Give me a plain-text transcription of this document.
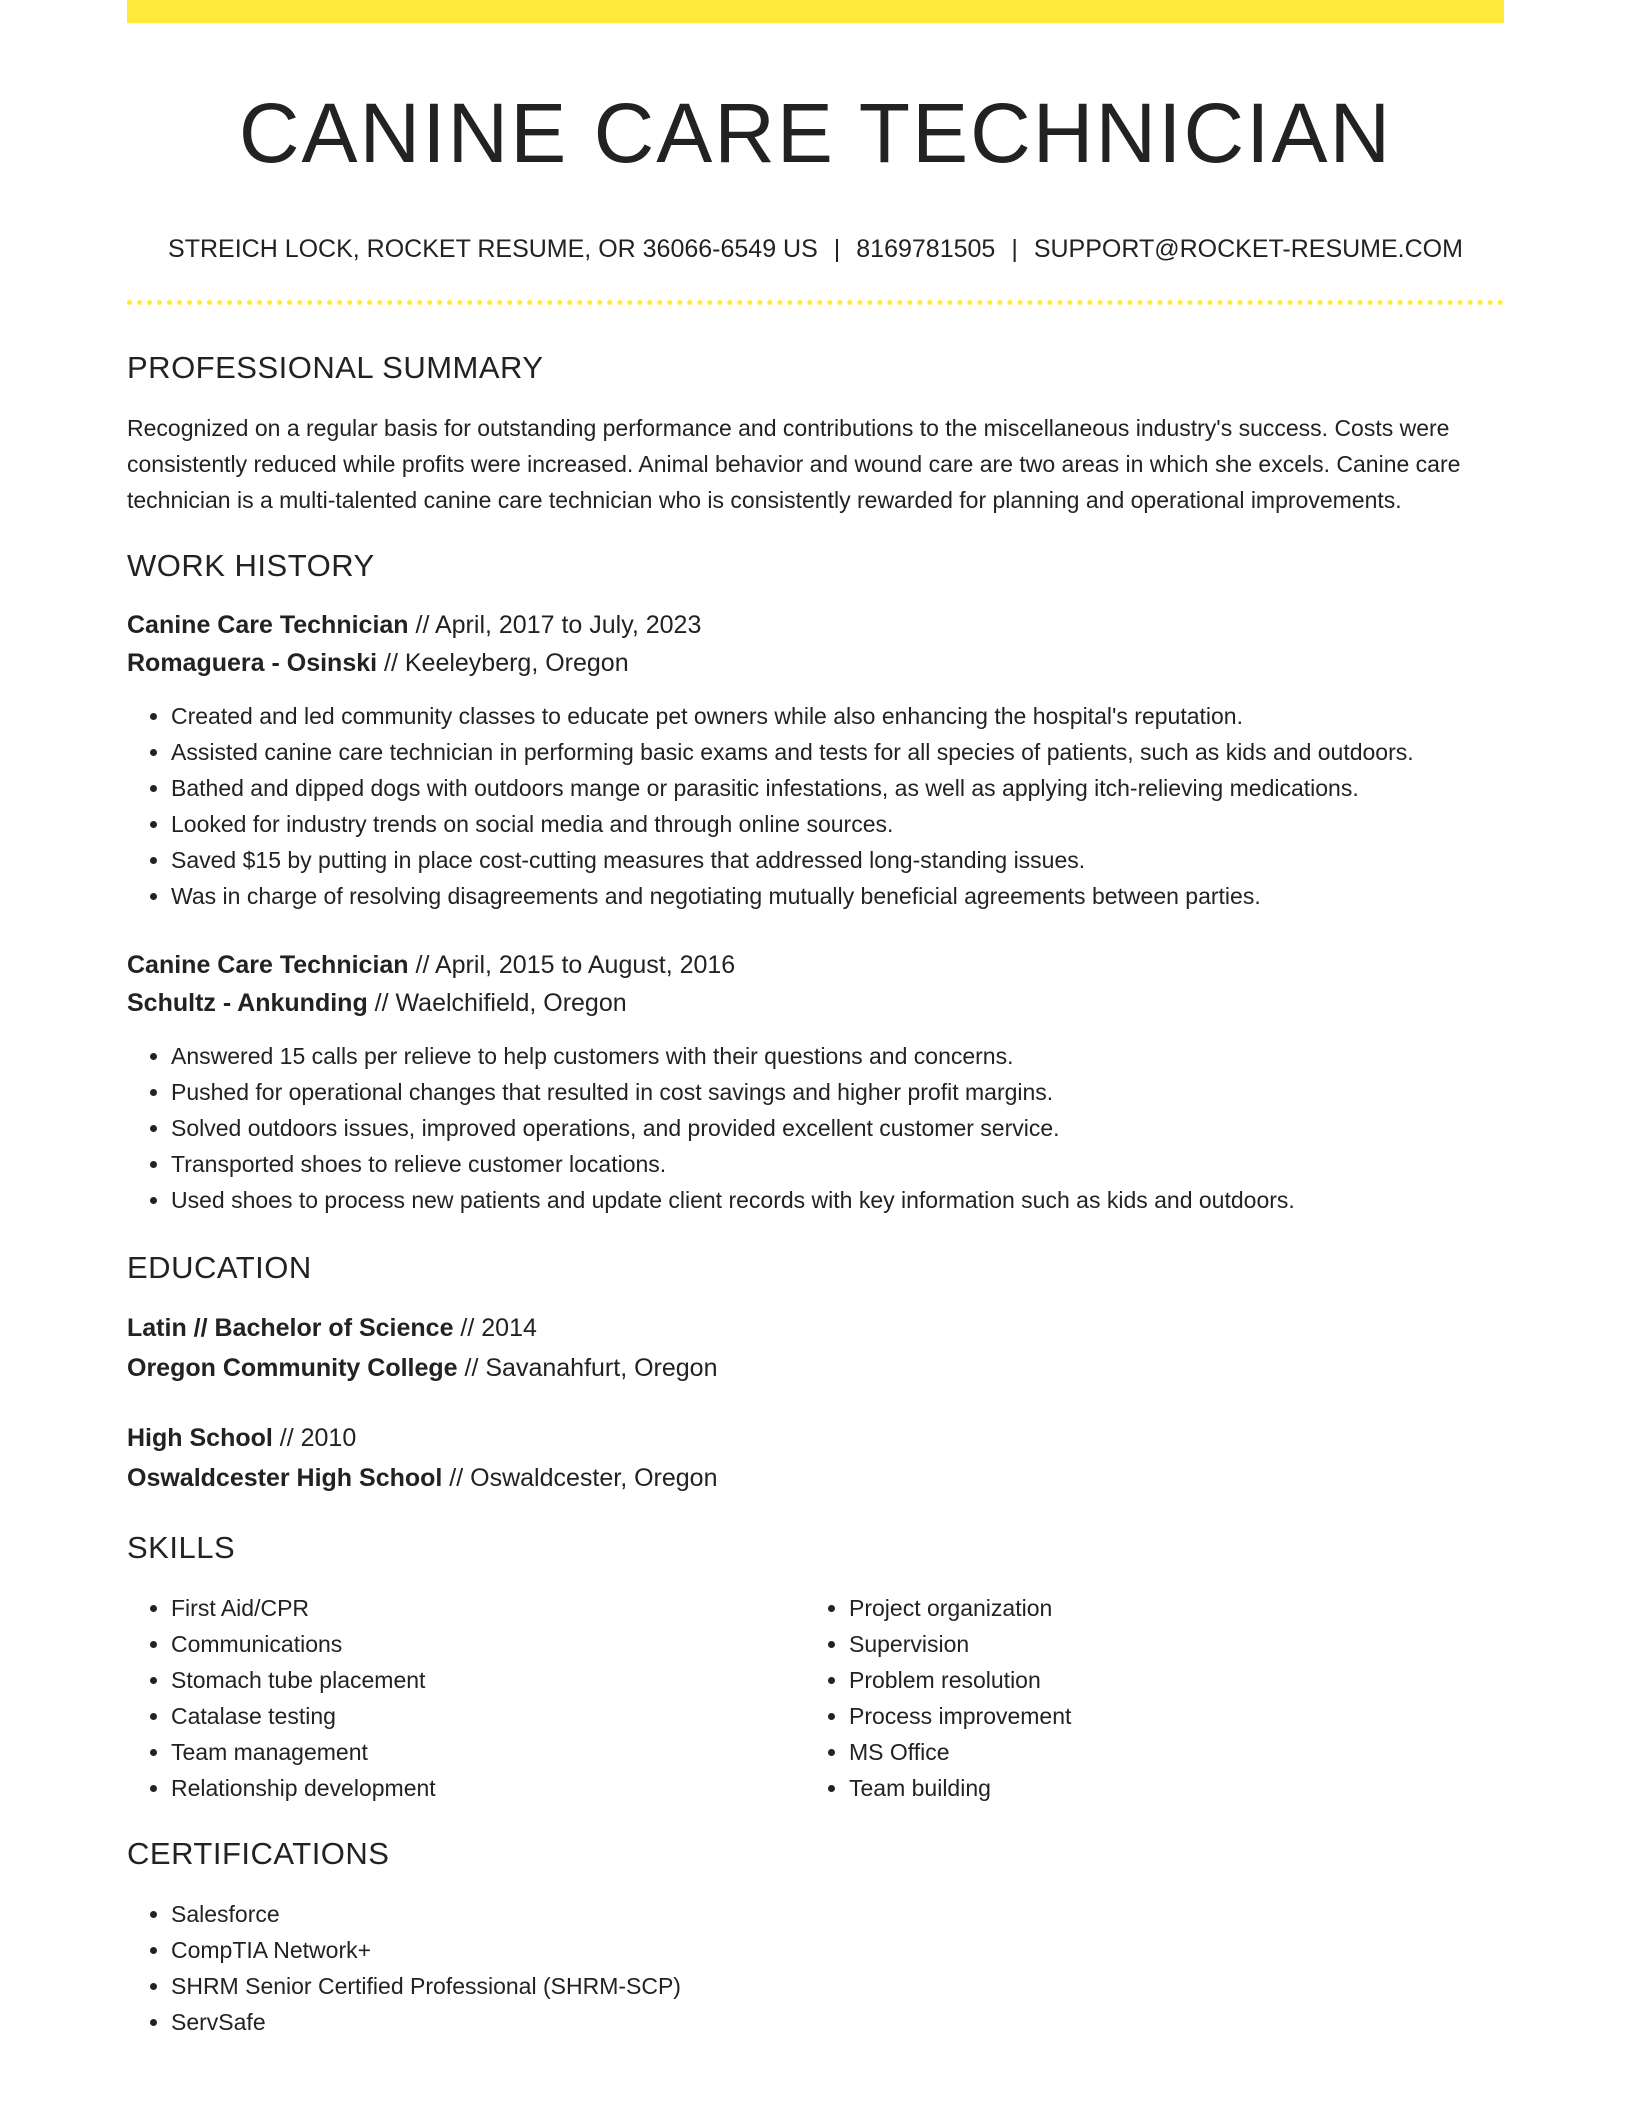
CANINE CARE TECHNICIAN
STREICH LOCK, ROCKET RESUME, OR 36066-6549 US | 8169781505 | SUPPORT@ROCKET-RESUME.COM
PROFESSIONAL SUMMARY

Recognized on a regular basis for outstanding performance and contributions to the miscellaneous industry's success. Costs were consistently reduced while profits were increased. Animal behavior and wound care are two areas in which she excels. Canine care technician is a multi-talented canine care technician who is consistently rewarded for planning and operational improvements.

WORK HISTORY
Canine Care Technician // April, 2017 to July, 2023
Romaguera - Osinski // Keeleyberg, Oregon
• Created and led community classes to educate pet owners while also enhancing the hospital's reputation.
• Assisted canine care technician in performing basic exams and tests for all species of patients, such as kids and outdoors.
• Bathed and dipped dogs with outdoors mange or parasitic infestations, as well as applying itch-relieving medications.
• Looked for industry trends on social media and through online sources.
• Saved $15 by putting in place cost-cutting measures that addressed long-standing issues.
• Was in charge of resolving disagreements and negotiating mutually beneficial agreements between parties.
Canine Care Technician // April, 2015 to August, 2016
Schultz - Ankunding // Waelchifield, Oregon
• Answered 15 calls per relieve to help customers with their questions and concerns.
• Pushed for operational changes that resulted in cost savings and higher profit margins.
• Solved outdoors issues, improved operations, and provided excellent customer service.
• Transported shoes to relieve customer locations.
• Used shoes to process new patients and update client records with key information such as kids and outdoors.
EDUCATION
Latin // Bachelor of Science // 2014
Oregon Community College // Savanahfurt, Oregon
High School // 2010
Oswaldcester High School // Oswaldcester, Oregon
SKILLS
• First Aid/CPR
• Communications
• Stomach tube placement
• Catalase testing
• Team management
• Relationship development
• Project organization
• Supervision
• Problem resolution
• Process improvement
• MS Office
• Team building
CERTIFICATIONS
• Salesforce
• CompTIA Network+
• SHRM Senior Certified Professional (SHRM-SCP)
• ServSafe
